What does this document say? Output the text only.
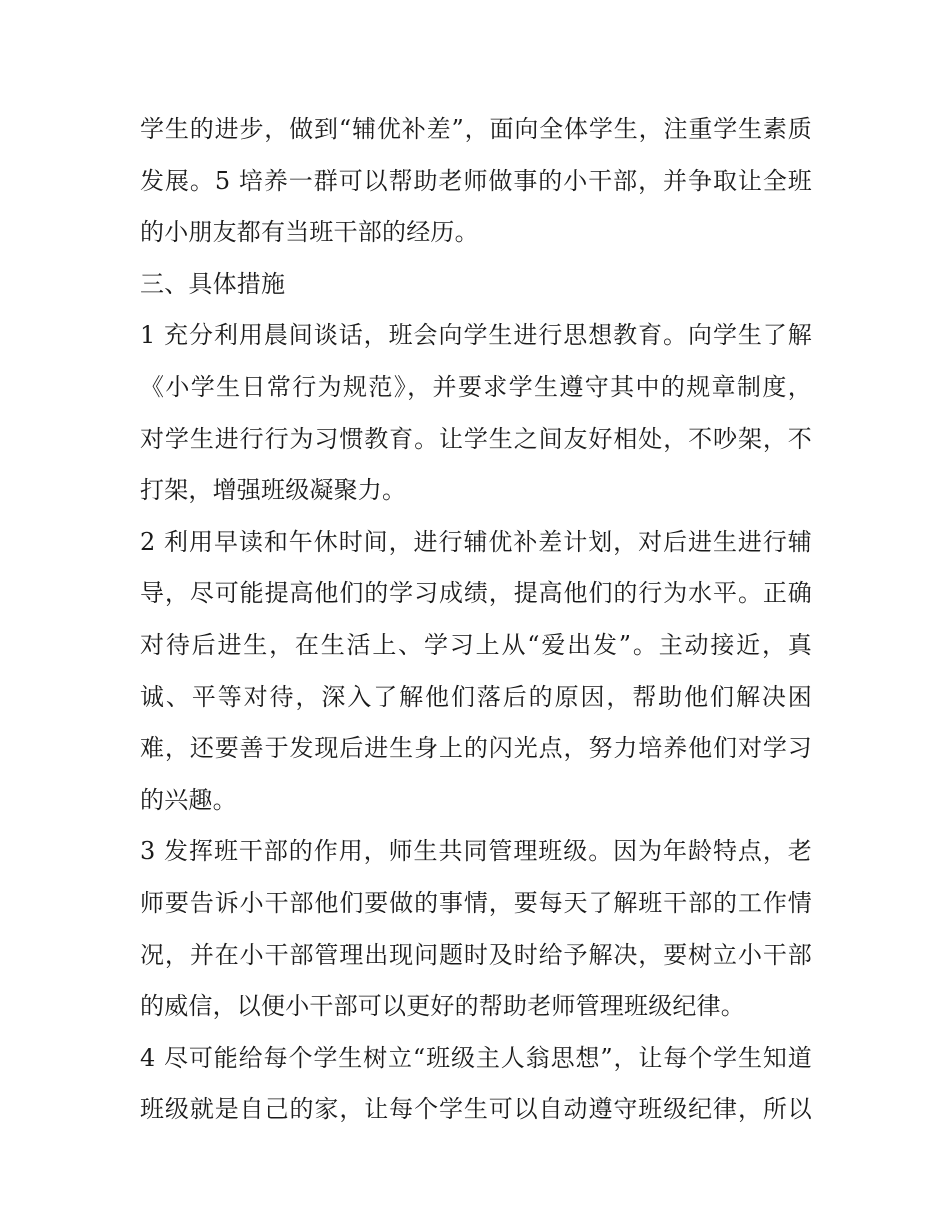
学生的进步，做到“辅优补差”，面向全体学生，注重学生素质
发展。5 培养一群可以帮助老师做事的小干部，并争取让全班
的小朋友都有当班干部的经历。
三、具体措施
1 充分利用晨间谈话，班会向学生进行思想教育。向学生了解
《小学生日常行为规范》，并要求学生遵守其中的规章制度，
对学生进行行为习惯教育。让学生之间友好相处，不吵架，不
打架，增强班级凝聚力。
2 利用早读和午休时间，进行辅优补差计划，对后进生进行辅
导，尽可能提高他们的学习成绩，提高他们的行为水平。正确
对待后进生，在生活上、学习上从“爱出发”。主动接近，真
诚、平等对待，深入了解他们落后的原因，帮助他们解决困
难，还要善于发现后进生身上的闪光点，努力培养他们对学习
的兴趣。
3 发挥班干部的作用，师生共同管理班级。因为年龄特点，老
师要告诉小干部他们要做的事情，要每天了解班干部的工作情
况，并在小干部管理出现问题时及时给予解决，要树立小干部
的威信，以便小干部可以更好的帮助老师管理班级纪律。
4 尽可能给每个学生树立“班级主人翁思想”，让每个学生知道
班级就是自己的家，让每个学生可以自动遵守班级纪律，所以
